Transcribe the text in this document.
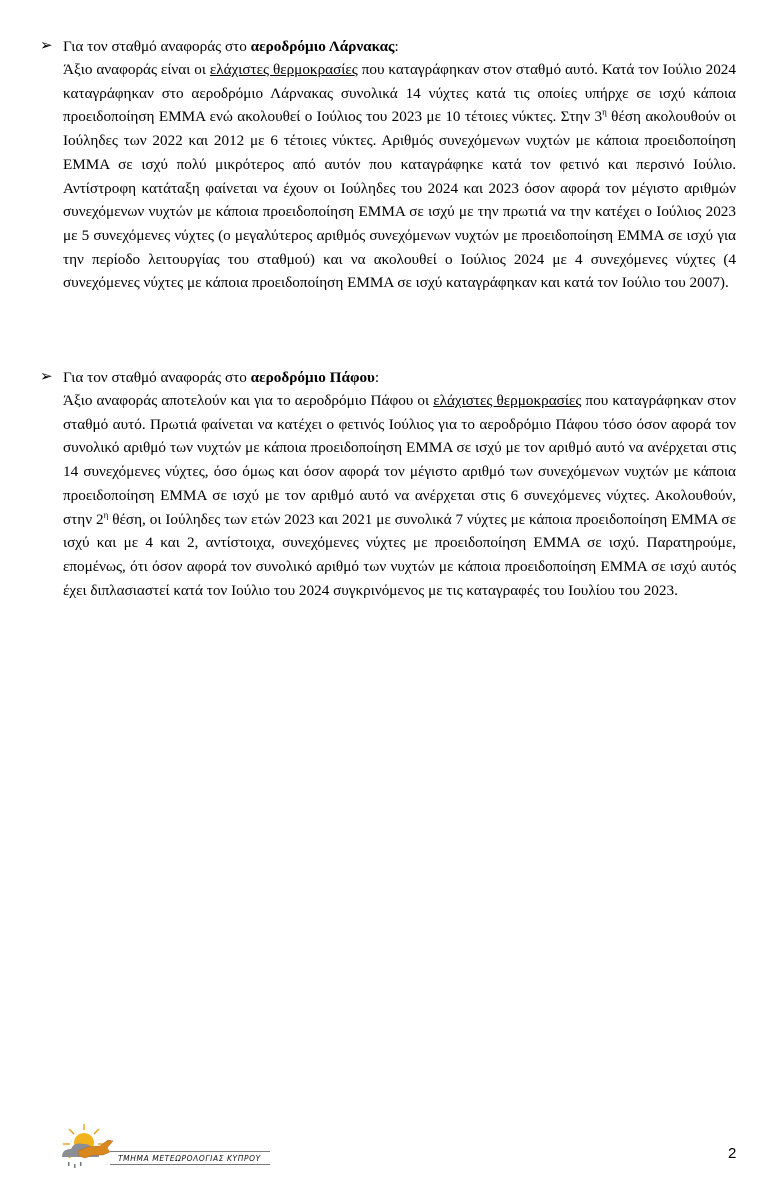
➢ Για τον σταθμό αναφοράς στο αεροδρόμιο Λάρνακας:
Άξιο αναφοράς είναι οι ελάχιστες θερμοκρασίες που καταγράφηκαν στον σταθμό αυτό. Κατά τον Ιούλιο 2024 καταγράφηκαν στο αεροδρόμιο Λάρνακας συνολικά 14 νύχτες κατά τις οποίες υπήρχε σε ισχύ κάποια προειδοποίηση ΕΜΜΑ ενώ ακολουθεί ο Ιούλιος του 2023 με 10 τέτοιες νύκτες. Στην $3^\eta$ θέση ακολουθούν οι Ιούληδες των 2022 και 2012 με 6 τέτοιες νύκτες. Αριθμός συνεχόμενων νυχτών με κάποια προειδοποίηση ΕΜΜΑ σε ισχύ πολύ μικρότερος από αυτόν που καταγράφηκε κατά τον φετινό και περσινό Ιούλιο. Αντίστροφη κατάταξη φαίνεται να έχουν οι Ιούληδες του 2024 και 2023 όσον αφορά τον μέγιστο αριθμών συνεχόμενων νυχτών με κάποια προειδοποίηση ΕΜΜΑ σε ισχύ με την πρωτιά να την κατέχει ο Ιούλιος 2023 με 5 συνεχόμενες νύχτες (ο μεγαλύτερος αριθμός συνεχόμενων νυχτών με προειδοποίηση ΕΜΜΑ σε ισχύ για την περίοδο λειτουργίας του σταθμού) και να ακολουθεί ο Ιούλιος 2024 με 4 συνεχόμενες νύχτες (4 συνεχόμενες νύχτες με κάποια προειδοποίηση ΕΜΜΑ σε ισχύ καταγράφηκαν και κατά τον Ιούλιο του 2007).
➢ Για τον σταθμό αναφοράς στο αεροδρόμιο Πάφου:
Άξιο αναφοράς αποτελούν και για το αεροδρόμιο Πάφου οι ελάχιστες θερμοκρασίες που καταγράφηκαν στον σταθμό αυτό. Πρωτιά φαίνεται να κατέχει ο φετινός Ιούλιος για το αεροδρόμιο Πάφου τόσο όσον αφορά τον συνολικό αριθμό των νυχτών με κάποια προειδοποίηση ΕΜΜΑ σε ισχύ με τον αριθμό αυτό να ανέρχεται στις 14 συνεχόμενες νύχτες, όσο όμως και όσον αφορά τον μέγιστο αριθμό των συνεχόμενων νυχτών με κάποια προειδοποίηση ΕΜΜΑ σε ισχύ με τον αριθμό αυτό να ανέρχεται στις 6 συνεχόμενες νύχτες. Ακολουθούν, στην $2^\eta$ θέση, οι Ιούληδες των ετών 2023 και 2021 με συνολικά 7 νύχτες με κάποια προειδοποίηση ΕΜΜΑ σε ισχύ και με 4 και 2, αντίστοιχα, συνεχόμενες νύχτες με προειδοποίηση ΕΜΜΑ σε ισχύ. Παρατηρούμε, επομένως, ότι όσον αφορά τον συνολικό αριθμό των νυχτών με κάποια προειδοποίηση ΕΜΜΑ σε ισχύ αυτός έχει διπλασιαστεί κατά τον Ιούλιο του 2024 συγκρινόμενος με τις καταγραφές του Ιουλίου του 2023.
ΤΜΗΜΑ ΜΕΤΕΩΡΟΛΟΓΙΑΣ ΚΥΠΡΟΥ	2
